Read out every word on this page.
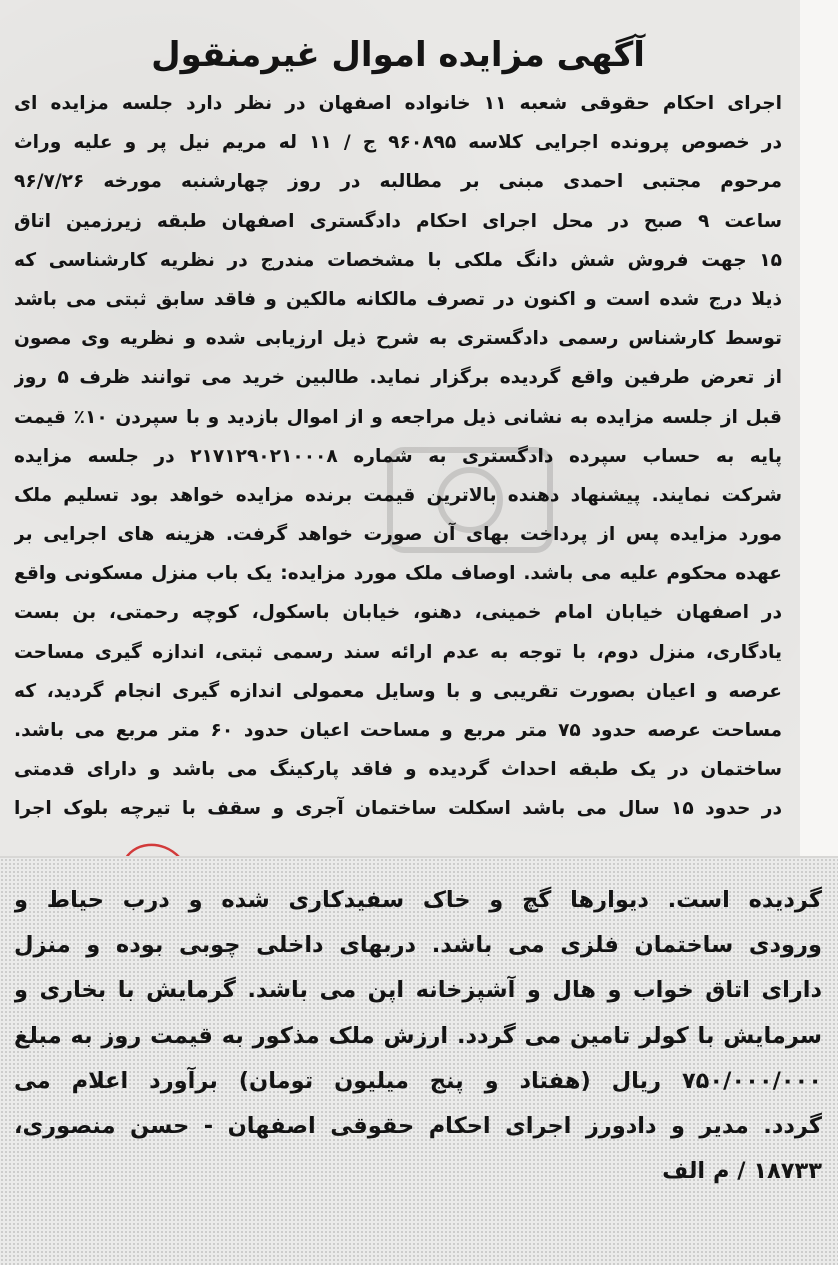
آگهی مزایده اموال غیرمنقول
اجرای احکام حقوقی شعبه ۱۱ خانواده اصفهان در نظر دارد جلسه مزایده ای
در خصوص پرونده اجرایی کلاسه ۹۶۰۸۹۵ ج / ۱۱ له مریم نیل پر و علیه وراث
مرحوم مجتبی احمدی مبنی بر مطالبه در روز چهارشنبه مورخه ۹۶/۷/۲۶
ساعت ۹ صبح در محل اجرای احکام دادگستری اصفهان طبقه زیرزمین اتاق
۱۵ جهت فروش شش دانگ ملکی با مشخصات مندرج در نظریه کارشناسی که
ذیلا درج شده است و اکنون در تصرف مالکانه مالکین و فاقد سابق ثبتی می باشد
توسط کارشناس رسمی دادگستری به شرح ذیل ارزیابی شده و نظریه وی مصون
از تعرض طرفین واقع گردیده برگزار نماید. طالبین خرید می توانند ظرف ۵ روز
قبل از جلسه مزایده به نشانی ذیل مراجعه و از اموال بازدید و با سپردن ۱۰٪ قیمت
پایه به حساب سپرده دادگستری به شماره ۲۱۷۱۲۹۰۲۱۰۰۰۸ در جلسه مزایده
شرکت نمایند. پیشنهاد دهنده بالاترین قیمت برنده مزایده خواهد بود تسلیم ملک
مورد مزایده پس از پرداخت بهای آن صورت خواهد گرفت. هزینه های اجرایی بر
عهده محکوم علیه می باشد. اوصاف ملک مورد مزایده: یک باب منزل مسکونی واقع
در اصفهان خیابان امام خمینی، دهنو، خیابان باسکول، کوچه رحمتی، بن بست
یادگاری، منزل دوم، با توجه به عدم ارائه سند رسمی ثبتی، اندازه گیری مساحت
عرصه و اعیان بصورت تقریبی و با وسایل معمولی اندازه گیری انجام گردید، که
مساحت عرصه حدود ۷۵ متر مربع و مساحت اعیان حدود ۶۰ متر مربع می باشد.
ساختمان در یک طبقه احداث گردیده و فاقد پارکینگ می باشد و دارای قدمتی
در حدود ۱۵ سال می باشد اسکلت ساختمان آجری و سقف با تیرچه بلوک اجرا
گردیده است. دیوارها گچ و خاک سفیدکاری شده و درب حیاط و
ورودی ساختمان فلزی می باشد. دربهای داخلی چوبی بوده و منزل
دارای اتاق خواب و هال و آشپزخانه اپن می باشد. گرمایش با بخاری و
سرمایش با کولر تامین می گردد. ارزش ملک مذکور به قیمت روز به مبلغ
۷۵۰/۰۰۰/۰۰۰ ریال (هفتاد و پنج میلیون تومان) برآورد اعلام می
گردد. مدیر و دادورز اجرای احکام حقوقی اصفهان - حسن منصوری،
۱۸۷۳۳ / م الف
